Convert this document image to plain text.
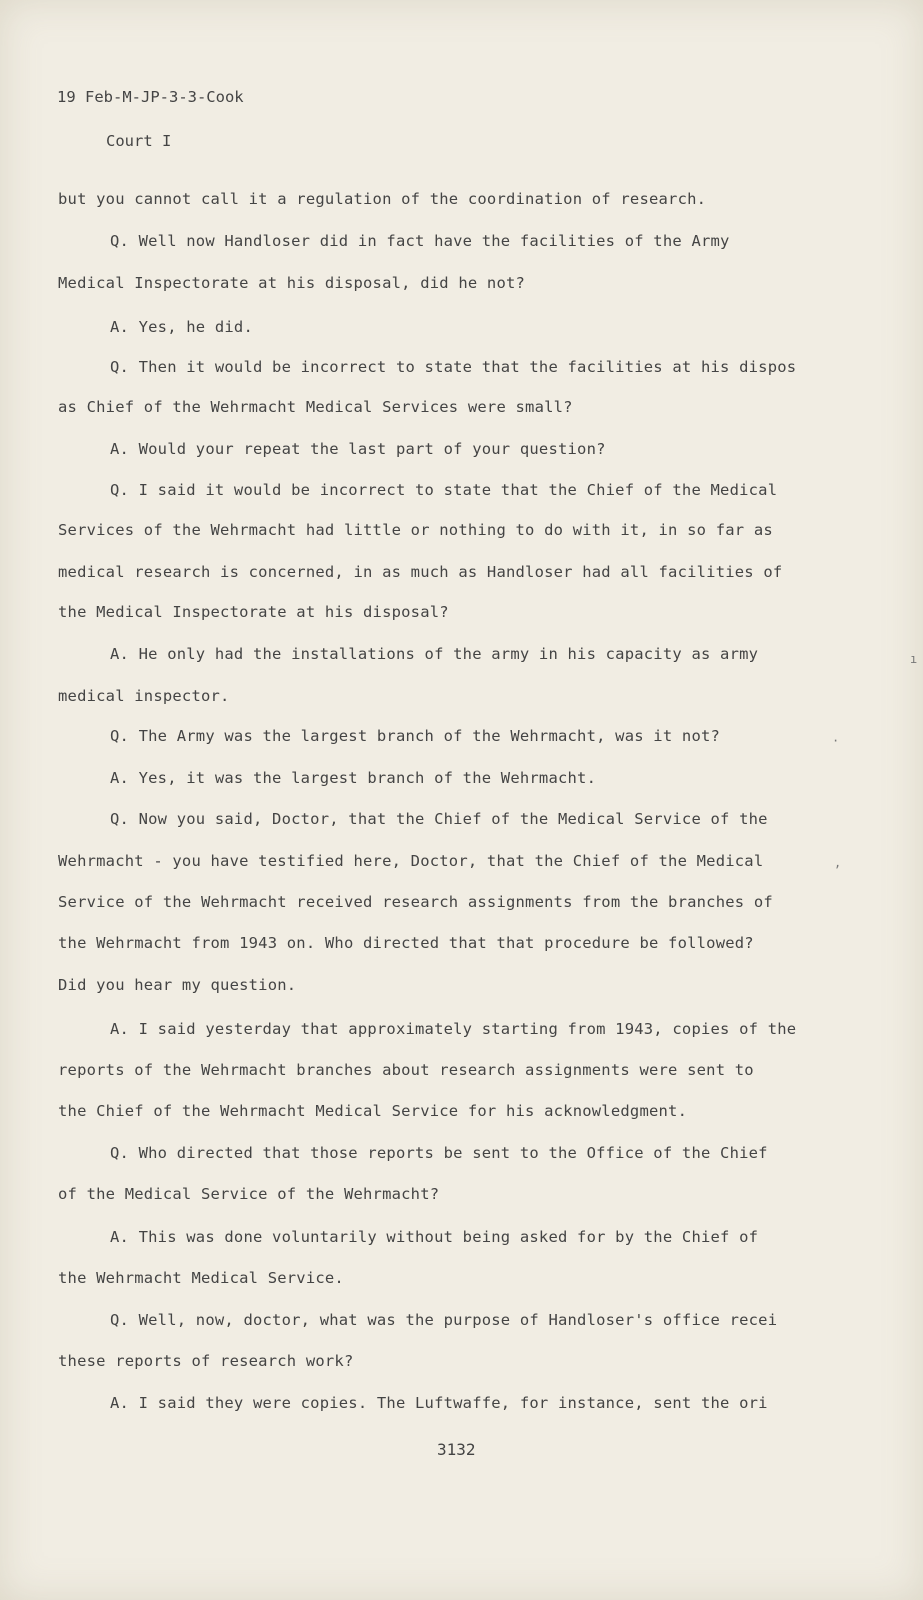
19 Feb-M-JP-3-3-Cook
Court I
but you cannot call it a regulation of the coordination of research.
Q. Well now Handloser did in fact have the facilities of the Army
Medical Inspectorate at his disposal, did he not?
A. Yes, he did.
Q. Then it would be incorrect to state that the facilities at his dispos
as Chief of the Wehrmacht Medical Services were small?
A. Would your repeat the last part of your question?
Q. I said it would be incorrect to state that the Chief of the Medical
Services of the Wehrmacht had little or nothing to do with it, in so far as
medical research is concerned, in as much as Handloser had all facilities of
the Medical Inspectorate at his disposal?
A. He only had the installations of the army in his capacity as army
medical inspector.
Q. The Army was the largest branch of the Wehrmacht, was it not?
A. Yes, it was the largest branch of the Wehrmacht.
Q. Now you said, Doctor, that the Chief of the Medical Service of the
Wehrmacht - you have testified here, Doctor, that the Chief of the Medical
Service of the Wehrmacht received research assignments from the branches of
the Wehrmacht from 1943 on. Who directed that that procedure be followed?
Did you hear my question.
A. I said yesterday that approximately starting from 1943, copies of the
reports of the Wehrmacht branches about research assignments were sent to
the Chief of the Wehrmacht Medical Service for his acknowledgment.
Q. Who directed that those reports be sent to the Office of the Chief
of the Medical Service of the Wehrmacht?
A. This was done voluntarily without being asked for by the Chief of
the Wehrmacht Medical Service.
Q. Well, now, doctor, what was the purpose of Handloser's office recei
these reports of research work?
A. I said they were copies. The Luftwaffe, for instance, sent the ori
3132
ı
·
,
